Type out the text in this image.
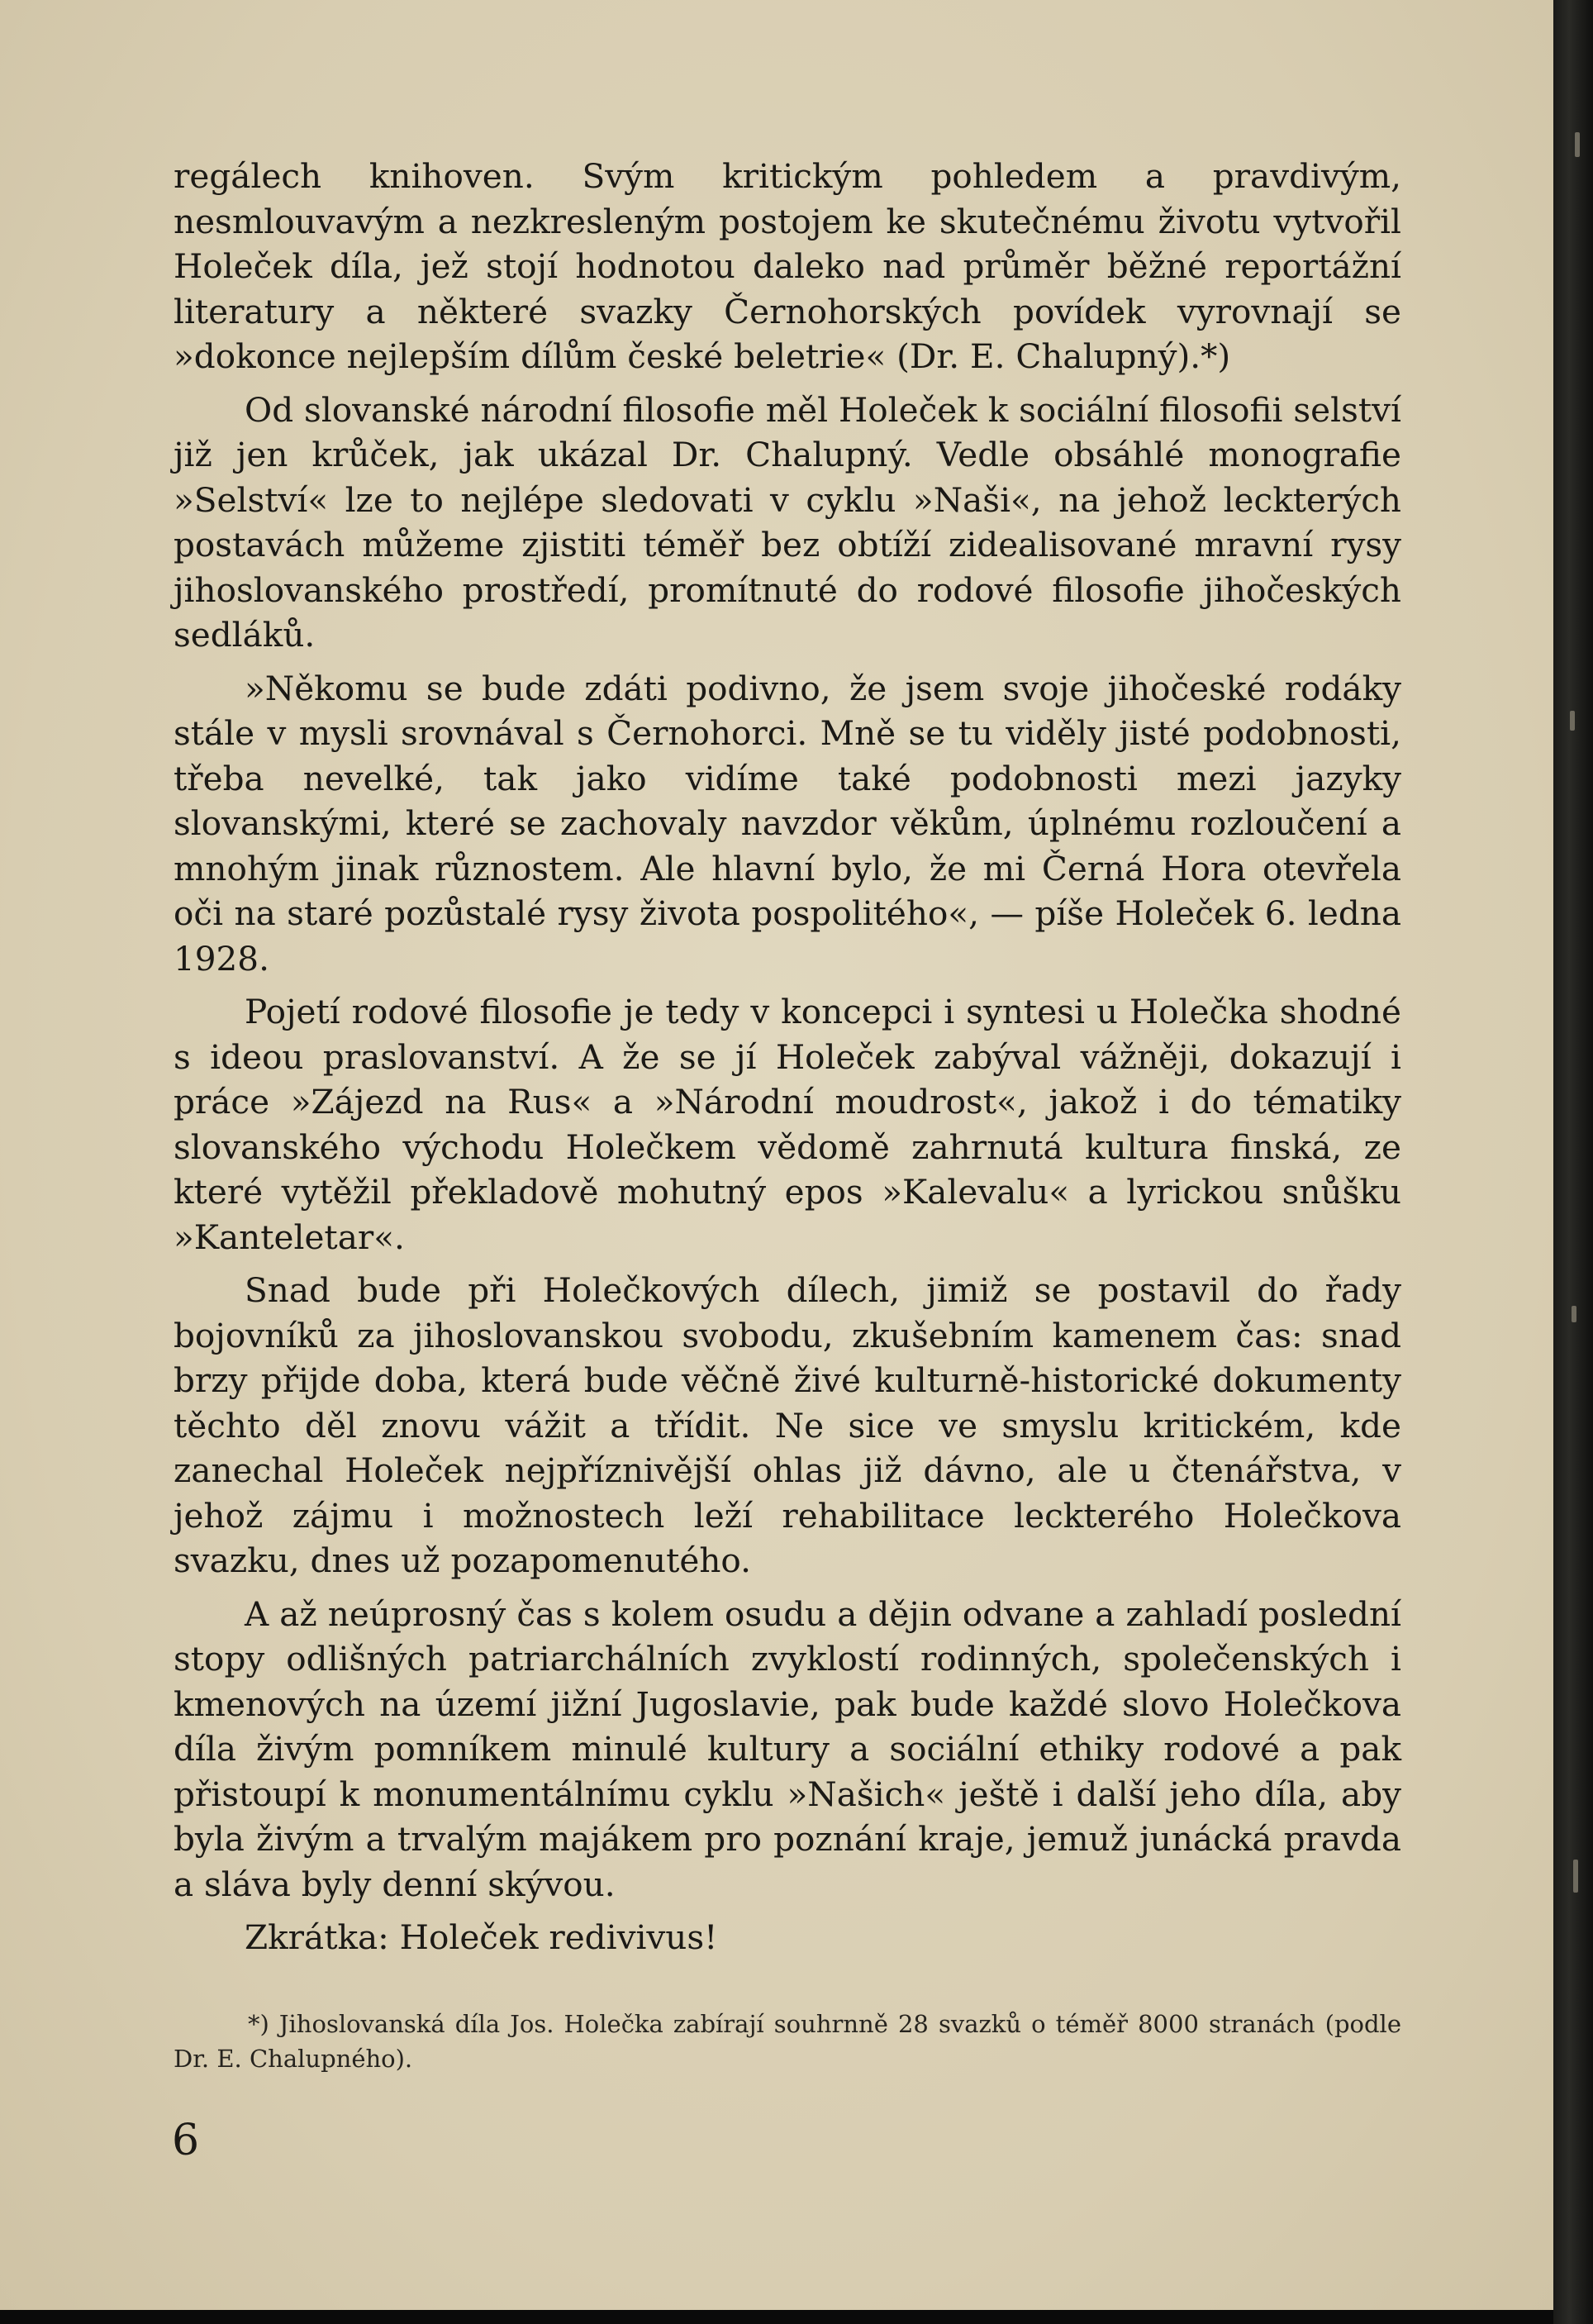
regálech knihoven. Svým kritickým pohledem a pravdivým, nesmlouvavým a nezkresleným postojem ke skutečnému životu vytvořil Holeček díla, jež stojí hodnotou daleko nad průměr běžné reportážní literatury a některé svazky Černohorských povídek vyrovnají se »dokonce nejlepším dílům české beletrie« (Dr. E. Chalupný).*)

Od slovanské národní filosofie měl Holeček k sociální filosofii selství již jen krůček, jak ukázal Dr. Chalupný. Vedle obsáhlé monografie »Selství« lze to nejlépe sledovati v cyklu »Naši«, na jehož leckterých postavách můžeme zjistiti téměř bez obtíží zidealisované mravní rysy jihoslovanského prostředí, promítnuté do rodové filosofie jihočeských sedláků.

»Někomu se bude zdáti podivno, že jsem svoje jihočeské rodáky stále v mysli srovnával s Černohorci. Mně se tu viděly jisté podobnosti, třeba nevelké, tak jako vidíme také podobnosti mezi jazyky slovanskými, které se zachovaly navzdor věkům, úplnému rozloučení a mnohým jinak různostem. Ale hlavní bylo, že mi Černá Hora otevřela oči na staré pozůstalé rysy života pospolitého«, — píše Holeček 6. ledna 1928.

Pojetí rodové filosofie je tedy v koncepci i syntesi u Holečka shodné s ideou praslovanství. A že se jí Holeček zabýval vážněji, dokazují i práce »Zájezd na Rus« a »Národní moudrost«, jakož i do tématiky slovanského východu Holečkem vědomě zahrnutá kultura finská, ze které vytěžil překladově mohutný epos »Kalevalu« a lyrickou snůšku »Kanteletar«.

Snad bude při Holečkových dílech, jimiž se postavil do řady bojovníků za jihoslovanskou svobodu, zkušebním kamenem čas: snad brzy přijde doba, která bude věčně živé kulturně-historické dokumenty těchto děl znovu vážit a třídit. Ne sice ve smyslu kritickém, kde zanechal Holeček nejpříznivější ohlas již dávno, ale u čtenářstva, v jehož zájmu i možnostech leží rehabilitace leckterého Holečkova svazku, dnes už pozapomenutého.

A až neúprosný čas s kolem osudu a dějin odvane a zahladí poslední stopy odlišných patriarchálních zvyklostí rodinných, společenských i kmenových na území jižní Jugoslavie, pak bude každé slovo Holečkova díla živým pomníkem minulé kultury a sociální ethiky rodové a pak přistoupí k monumentálnímu cyklu »Našich« ještě i další jeho díla, aby byla živým a trvalým majákem pro poznání kraje, jemuž junácká pravda a sláva byly denní skývou.

Zkrátka: Holeček redivivus!

*) Jihoslovanská díla Jos. Holečka zabírají souhrnně 28 svazků o téměř 8000 stranách (podle Dr. E. Chalupného).

6
